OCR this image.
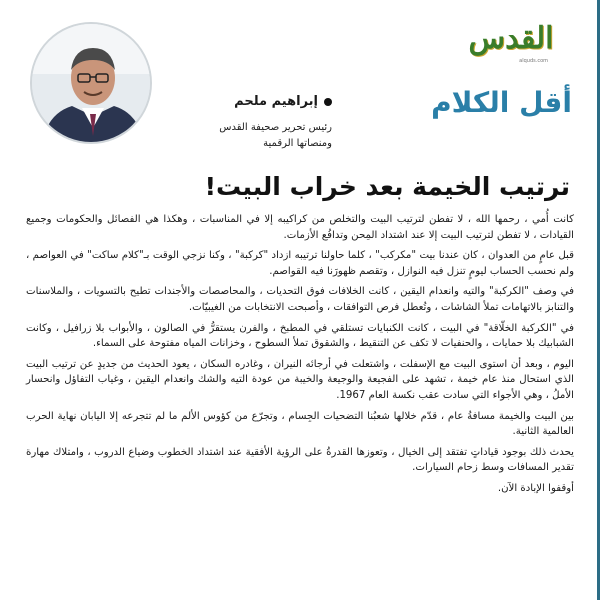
القدس
alquds.com
أقل الكلام
إبراهيم ملحم
رئيس تحرير صحيفة القدس
ومنصاتها الرقمية
ترتيب الخيمة بعد خراب البيت!

كانت أُمي ، رحمها الله ، لا تفطن لترتيب البيت والتخلص من كراكيبه إلا في المناسبات ، وهكذا هي الفصائل والحكومات وجميع القيادات ، لا تفطن لترتيب البيت إلا عند اشتداد المِحن وتدافُع الأزمات.

قبل عامٍ من العدوان ، كان عندنا بيت "مكركب" ، كلما حاولنا ترتيبه ازداد "كركبة" ، وكنا نزجي الوقت بـ"كلام ساكت" في العواصم ، ولم نحسب الحساب ليومٍ تنزل فيه النوازل ، وتقصم ظهورَنا فيه القواصم.

في وصف "الكركبة" والتيه وانعدام اليقين ، كانت الخلافات فوق التحديات ، والمحاصصات والأجندات تطيح بالتسويات ، والملاسنات والتنابز بالاتهامات تملأ الشاشات ، وتُعطل فرص التوافقات ، وأصبحت الانتخابات من الغيبيّات.

في "الكركبة الخلّاقة" في البيت ، كانت الكنبايات تستلقي في المطبخ ، والفرن يستقرُّ في الصالون ، والأبواب بلا زرافيل ، وكانت الشبابيك بلا حمايات ، والحنفيات لا تكف عن التنقيط ، والشقوق تملأ السطوح ، وخزانات المياه مفتوحة على السماء.

اليوم ، وبعد أن استوى البيت مع الإسفلت ، واشتعلت في أرجائه النيران ، وغادره السكان ، يعود الحديث من جديدٍ عن ترتيب البيت الذي استحال منذ عام خيمة ، تشهد على الفجيعة والوجيعة والخيبة من عودة التيه والشك وانعدام اليقين ، وغياب التفاؤل وانحسار الأملُ ، وهي الأجواء التي سادت عقب نكسة العام 1967.

بين البيت والخيمة مسافةُ عام ، قدّم خلالها شعبُنا التضحيات الجِسام ، وتجرّع من كؤوس الألم ما لم تتجرعه إلا اليابان نهاية الحرب العالمية الثانية.

يحدث ذلك بوجود قياداتٍ تفتقد إلى الخيال ، وتعوزها القدرةُ على الرؤية الأفقية عند اشتداد الخطوب وضياع الدروب ، وامتلاك مهارة تقدير المسافات وسط زحام السيارات.

أوقفوا الإبادة الآن.
